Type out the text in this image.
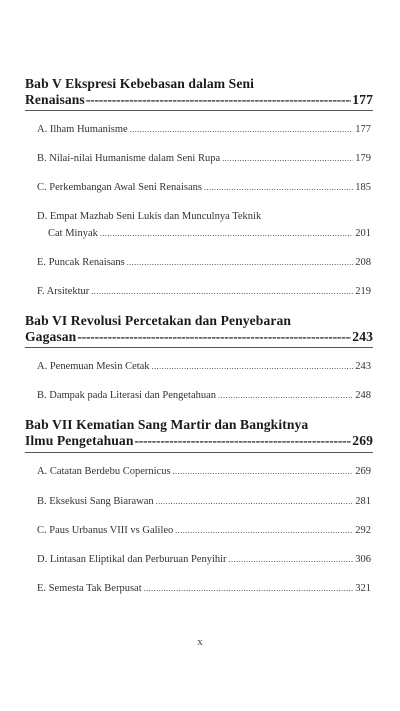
Bab V Ekspresi Kebebasan dalam Seni
Renaisans -----	177
A. Ilham Humanisme .....	177
B. Nilai-nilai Humanisme dalam Seni Rupa .....	179
C. Perkembangan Awal Seni Renaisans .....	185
D. Empat Mazhab Seni Lukis dan Munculnya Teknik
Cat Minyak .....	201
E. Puncak Renaisans .....	208
F. Arsitektur .....	219
Bab VI Revolusi Percetakan dan Penyebaran
Gagasan -----	243
A. Penemuan Mesin Cetak .....	243
B. Dampak pada Literasi dan Pengetahuan .....	248
Bab VII Kematian Sang Martir dan Bangkitnya
Ilmu Pengetahuan -----	269
A. Catatan Berdebu Copernicus .....	269
B. Eksekusi Sang Biarawan .....	281
C. Paus Urbanus VIII vs Galileo .....	292
D. Lintasan Eliptikal dan Perburuan Penyihir .....	306
E. Semesta Tak Berpusat .....	321
x
